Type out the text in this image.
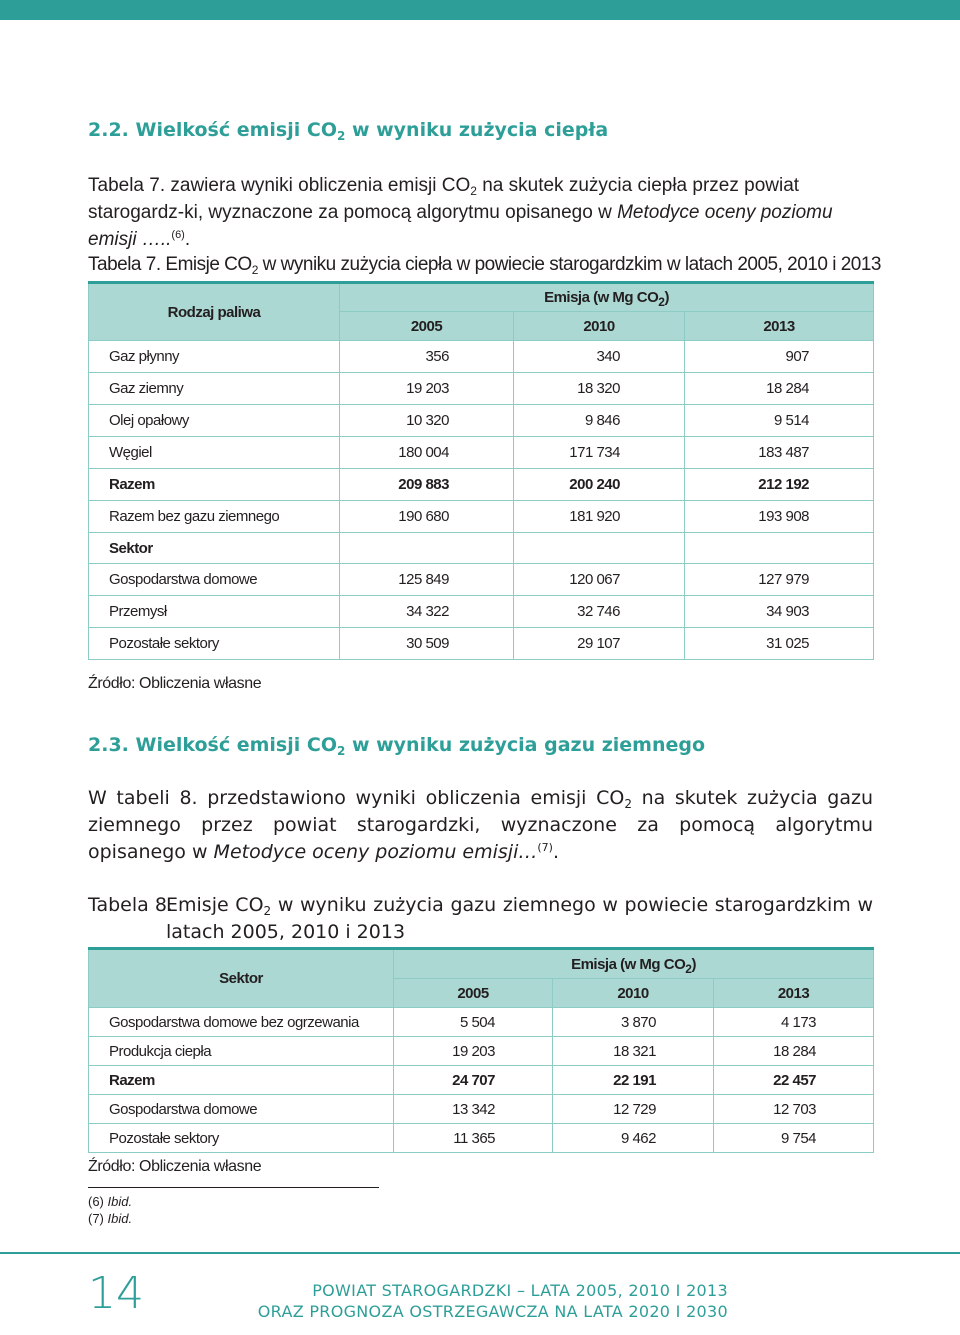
2.2. Wielkość emisji $CO_2$ w wyniku zużycia ciepła
Tabela 7. zawiera wyniki obliczenia emisji $CO_2$ na skutek zużycia ciepła przez powiat starogardz-ki, wyznaczone za pomocą algorytmu opisanego w Metodyce oceny poziomu emisji …..$^{(6)}$.
Tabela 7. Emisje $CO_2$ w wyniku zużycia ciepła w powiecie starogardzkim w latach 2005, 2010 i 2013
Rodzaj paliwa	Emisja (w Mg $CO_2$)		
	2005	2010	2013
Gaz płynny	356	340	907
Gaz ziemny	19 203	18 320	18 284
Olej opałowy	10 320	9 846	9 514
Węgiel	180 004	171 734	183 487
Razem	209 883	200 240	212 192
Razem bez gazu ziemnego	190 680	181 920	193 908
Sektor			
Gospodarstwa domowe	125 849	120 067	127 979
Przemysł	34 322	32 746	34 903
Pozostałe sektory	30 509	29 107	31 025
Źródło: Obliczenia własne
2.3. Wielkość emisji $CO_2$ w wyniku zużycia gazu ziemnego
W tabeli 8. przedstawiono wyniki obliczenia emisji $CO_2$ na skutek zużycia gazu ziemnego przez powiat starogardzki, wyznaczone za pomocą algorytmu opisanego w Metodyce oceny poziomu emisji…$^{(7)}$.
Tabela 8.
Emisje $CO_2$ w wyniku zużycia gazu ziemnego w powiecie starogardzkim w latach 2005, 2010 i 2013
Sektor	Emisja (w Mg $CO_2$)		
	2005	2010	2013
Gospodarstwa domowe bez ogrzewania	5 504	3 870	4 173
Produkcja ciepła	19 203	18 321	18 284
Razem	24 707	22 191	22 457
Gospodarstwa domowe	13 342	12 729	12 703
Pozostałe sektory	11 365	9 462	9 754
Źródło: Obliczenia własne
(6) Ibid.
(7) Ibid.
14	POWIAT STAROGARDZKI – LATA 2005, 2010 I 2013
ORAZ PROGNOZA OSTRZEGAWCZA NA LATA 2020 I 2030
